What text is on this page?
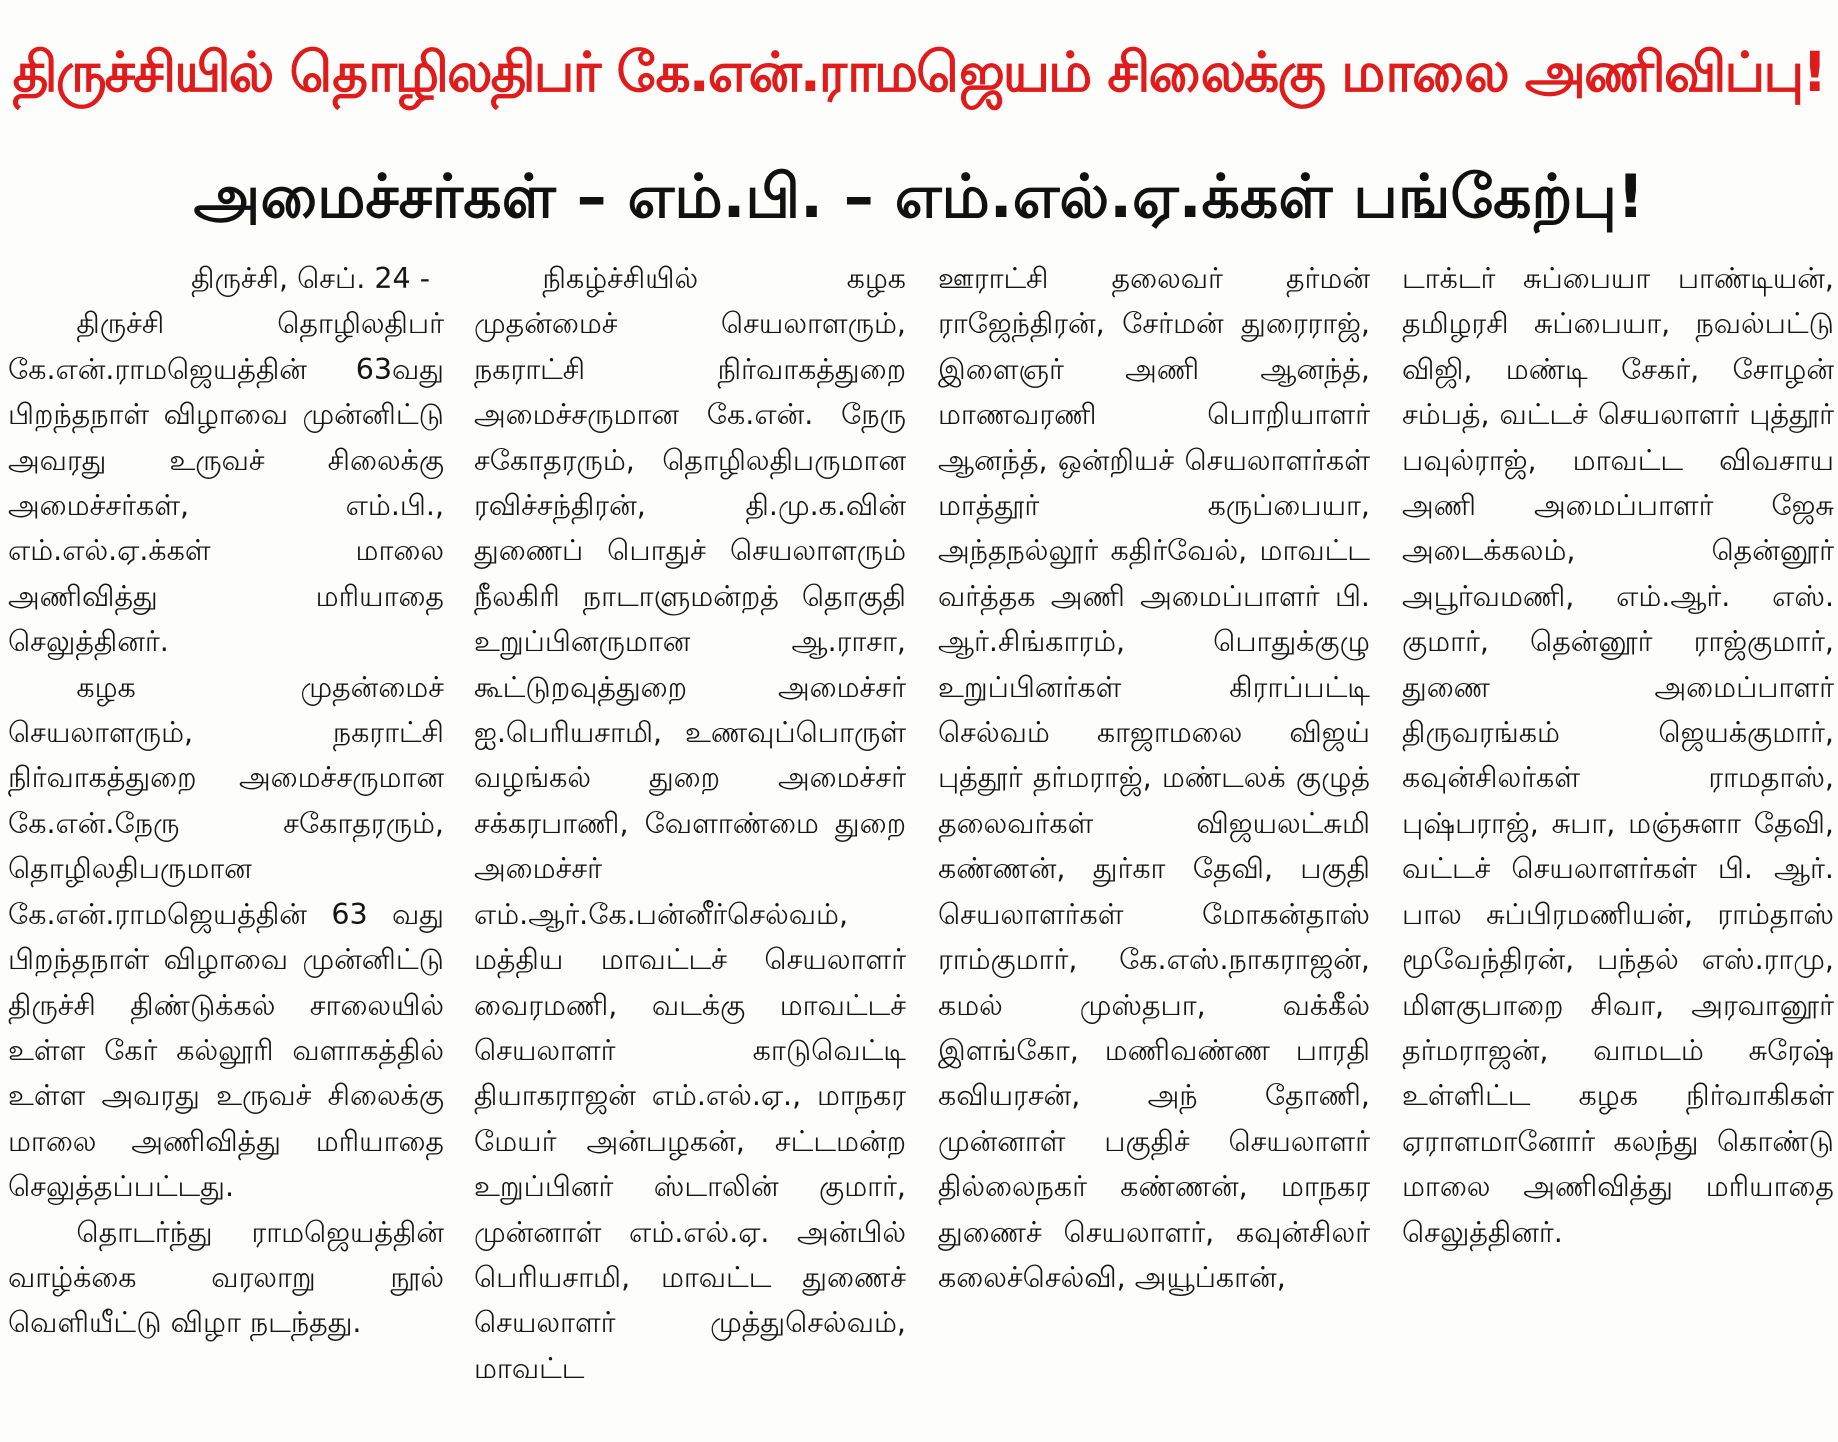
திருச்சியில் தொழிலதிபர் கே.என்.ராமஜெயம் சிலைக்கு மாலை அணிவிப்பு!
அமைச்சர்கள் – எம்.பி. – எம்.எல்.ஏ.க்கள் பங்கேற்பு!

திருச்சி, செப். 24 -

திருச்சி தொழிலதிபர் கே.என்.ராமஜெயத்தின் 63வது பிறந்தநாள் விழாவை முன்னிட்டு அவரது உருவச் சிலைக்கு அமைச்சர்கள், எம்.பி., எம்.எல்.ஏ.க்கள் மாலை அணிவித்து மரியாதை செலுத்தினர்.

கழக முதன்மைச் செயலாளரும், நகராட்சி நிர்வாகத்துறை அமைச்சருமான கே.என்.நேரு சகோதரரும், தொழிலதிபருமான கே.என்.ராமஜெயத்தின் 63 வது பிறந்தநாள் விழாவை முன்னிட்டு திருச்சி திண்டுக்கல் சாலையில் உள்ள கேர் கல்லூரி வளாகத்தில் உள்ள அவரது உருவச் சிலைக்கு மாலை அணிவித்து மரியாதை செலுத்தப்பட்டது.

தொடர்ந்து ராமஜெயத்தின் வாழ்க்கை வரலாறு நூல் வெளியீட்டு விழா நடந்தது.

நிகழ்ச்சியில் கழக முதன்மைச் செயலாளரும், நகராட்சி நிர்வாகத்துறை அமைச்சருமான கே.என். நேரு சகோதரரும், தொழிலதிபருமான ரவிச்சந்திரன், தி.மு.க.வின் துணைப் பொதுச் செயலாளரும் நீலகிரி நாடாளுமன்றத் தொகுதி உறுப்பினருமான ஆ.ராசா, கூட்டுறவுத்துறை அமைச்சர் ஐ.பெரியசாமி, உணவுப்பொருள் வழங்கல் துறை அமைச்சர் சக்கரபாணி, வேளாண்மை துறை அமைச்சர் எம்.ஆர்.கே.பன்னீர்செல்வம், மத்திய மாவட்டச் செயலாளர் வைரமணி, வடக்கு மாவட்டச் செயலாளர் காடுவெட்டி தியாகராஜன் எம்.எல்.ஏ., மாநகர மேயர் அன்பழகன், சட்டமன்ற உறுப்பினர் ஸ்டாலின் குமார், முன்னாள் எம்.எல்.ஏ. அன்பில் பெரியசாமி, மாவட்ட துணைச் செயலாளர் முத்துசெல்வம், மாவட்ட

ஊராட்சி தலைவர் தர்மன் ராஜேந்திரன், சேர்மன் துரைராஜ், இளைஞர் அணி ஆனந்த், மாணவரணி பொறியாளர் ஆனந்த், ஒன்றியச் செயலாளர்கள் மாத்தூர் கருப்பையா, அந்தநல்லூர் கதிர்வேல், மாவட்ட வர்த்தக அணி அமைப்பாளர் பி. ஆர்.சிங்காரம், பொதுக்குழு உறுப்பினர்கள் கிராப்பட்டி செல்வம் காஜாமலை விஜய் புத்தூர் தர்மராஜ், மண்டலக் குழுத் தலைவர்கள் விஜயலட்சுமி கண்ணன், துர்கா தேவி, பகுதி செயலாளர்கள் மோகன்தாஸ் ராம்குமார், கே.எஸ்.நாகராஜன், கமல் முஸ்தபா, வக்கீல் இளங்கோ, மணிவண்ண பாரதி கவியரசன், அந் தோணி, முன்னாள் பகுதிச் செயலாளர் தில்லைநகர் கண்ணன், மாநகர துணைச் செயலாளர், கவுன்சிலர் கலைச்செல்வி, அயூப்கான்,

டாக்டர் சுப்பையா பாண்டியன், தமிழரசி சுப்பையா, நவல்பட்டு விஜி, மண்டி சேகர், சோழன் சம்பத், வட்டச் செயலாளர் புத்தூர் பவுல்ராஜ், மாவட்ட விவசாய அணி அமைப்பாளர் ஜேசு அடைக்கலம், தென்னூர் அபூர்வமணி, எம்.ஆர். எஸ். குமார், தென்னூர் ராஜ்குமார், துணை அமைப்பாளர் திருவரங்கம் ஜெயக்குமார், கவுன்சிலர்கள் ராமதாஸ், புஷ்பராஜ், சுபா, மஞ்சுளா தேவி, வட்டச் செயலாளர்கள் பி. ஆர். பால சுப்பிரமணியன், ராம்தாஸ் மூவேந்திரன், பந்தல் எஸ்.ராமு, மிளகுபாறை சிவா, அரவானூர் தர்மராஜன், வாமடம் சுரேஷ் உள்ளிட்ட கழக நிர்வாகிகள் ஏராளமானோர் கலந்து கொண்டு மாலை அணிவித்து மரியாதை செலுத்தினர்.
